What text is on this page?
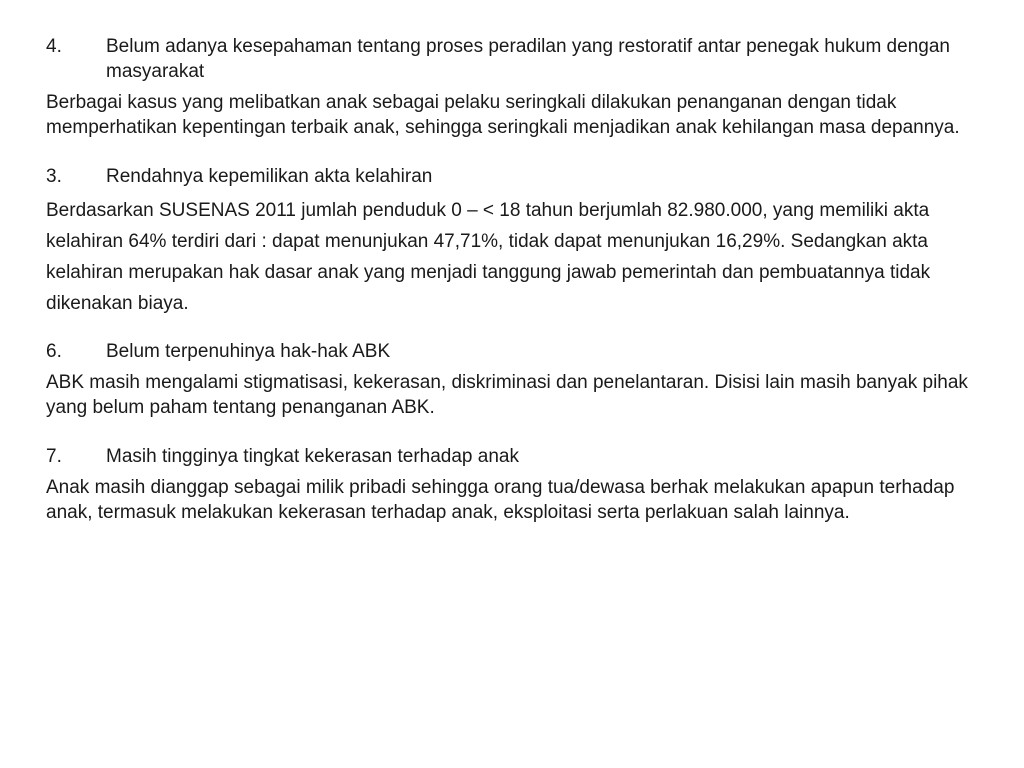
4.	Belum adanya kesepahaman tentang proses peradilan yang restoratif antar penegak hukum dengan masyarakat

Berbagai kasus yang melibatkan anak sebagai pelaku seringkali dilakukan penanganan dengan tidak memperhatikan kepentingan terbaik anak, sehingga seringkali menjadikan anak kehilangan masa depannya.

3.	Rendahnya kepemilikan akta kelahiran

Berdasarkan SUSENAS 2011 jumlah penduduk 0 – < 18 tahun berjumlah 82.980.000, yang memiliki akta kelahiran 64% terdiri dari : dapat menunjukan 47,71%, tidak dapat menunjukan 16,29%. Sedangkan akta kelahiran merupakan hak dasar anak yang menjadi tanggung jawab pemerintah dan pembuatannya tidak dikenakan biaya.

6.	Belum terpenuhinya hak-hak ABK

ABK masih mengalami stigmatisasi, kekerasan, diskriminasi dan penelantaran. Disisi lain masih banyak pihak yang belum paham tentang penanganan ABK.

7.	Masih tingginya tingkat kekerasan terhadap anak

Anak masih dianggap sebagai milik pribadi sehingga orang tua/dewasa berhak melakukan apapun terhadap anak, termasuk melakukan kekerasan terhadap anak, eksploitasi serta perlakuan salah lainnya.
